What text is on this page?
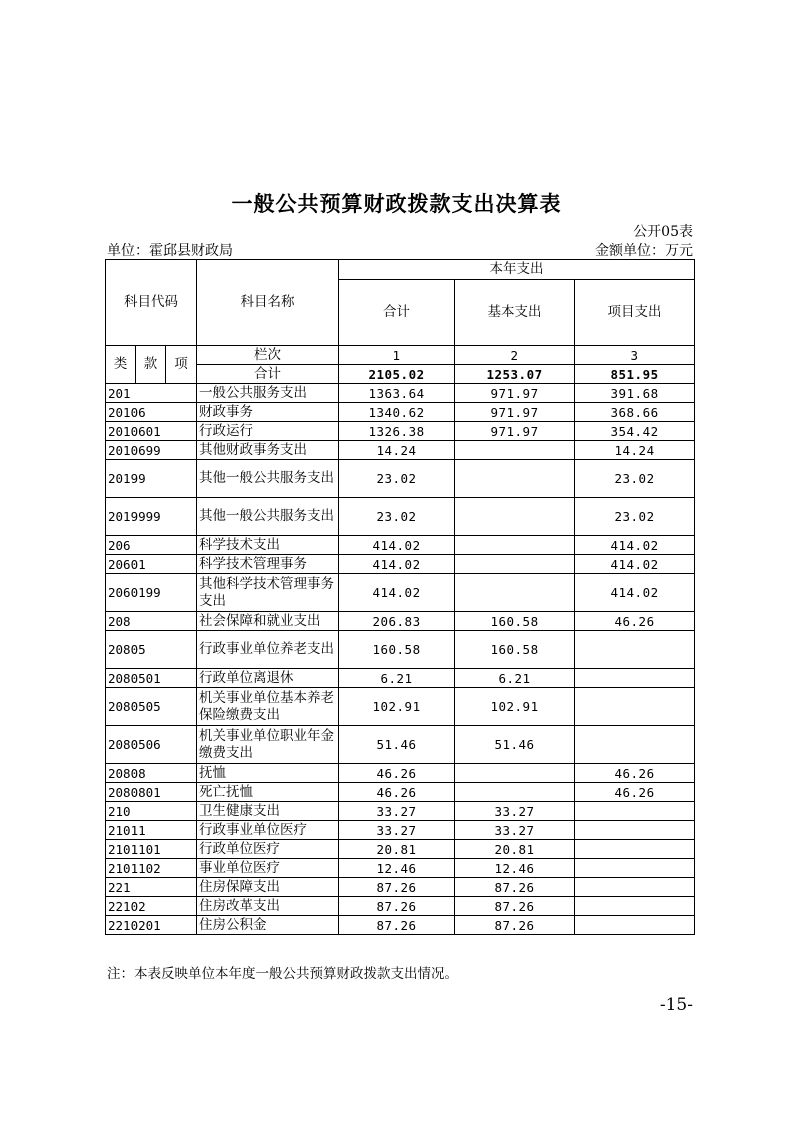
一般公共预算财政拨款支出决算表
公开05表
单位：霍邱县财政局	金额单位：万元
科目代码			科目名称	本年支出		
				合计	基本支出	项目支出
类	款	项	栏次	1	2	3
			合计	2105.02	1253.07	851.95
201			一般公共服务支出	1363.64	971.97	391.68
20106			财政事务	1340.62	971.97	368.66
2010601			行政运行	1326.38	971.97	354.42
2010699			其他财政事务支出	14.24		14.24
20199			其他一般公共服务支出	23.02		23.02
2019999			其他一般公共服务支出	23.02		23.02
206			科学技术支出	414.02		414.02
20601			科学技术管理事务	414.02		414.02
2060199			其他科学技术管理事务支出	414.02		414.02
208			社会保障和就业支出	206.83	160.58	46.26
20805			行政事业单位养老支出	160.58	160.58	
2080501			行政单位离退休	6.21	6.21	
2080505			机关事业单位基本养老保险缴费支出	102.91	102.91	
2080506			机关事业单位职业年金缴费支出	51.46	51.46	
20808			抚恤	46.26		46.26
2080801			死亡抚恤	46.26		46.26
210			卫生健康支出	33.27	33.27	
21011			行政事业单位医疗	33.27	33.27	
2101101			行政单位医疗	20.81	20.81	
2101102			事业单位医疗	12.46	12.46	
221			住房保障支出	87.26	87.26	
22102			住房改革支出	87.26	87.26	
2210201			住房公积金	87.26	87.26	
注：本表反映单位本年度一般公共预算财政拨款支出情况。
-15-
